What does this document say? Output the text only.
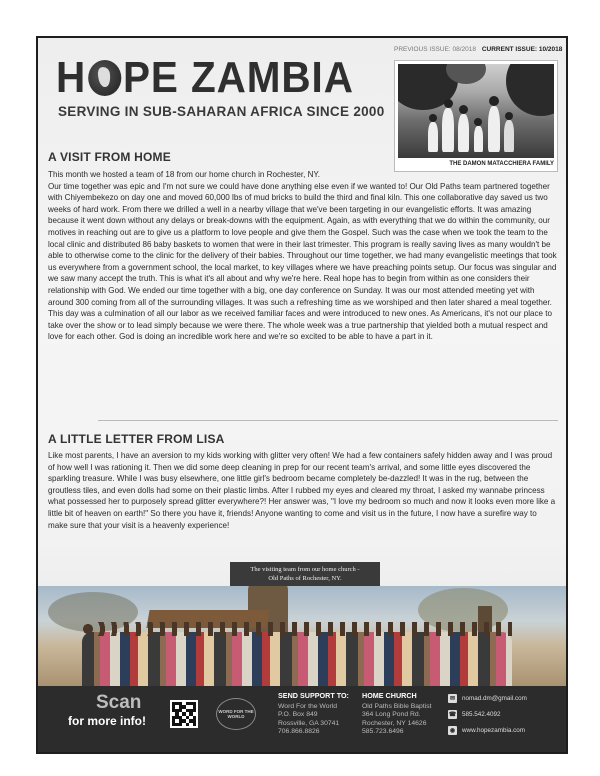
H PE ZAMBIA
SERVING IN SUB-SAHARAN AFRICA SINCE 2000
PREVIOUS ISSUE: 08/2018 CURRENT ISSUE: 10/2018
THE DAMON MATACCHIERA FAMILY
A VISIT FROM HOME

This month we hosted a team of 18 from our home church in Rochester, NY.

Our time together was epic and I'm not sure we could have done anything else even if we wanted to! Our Old Paths team partnered together with Chiyembekezo on day one and moved 60,000 lbs of mud bricks to build the third and final kiln. This one collaborative day saved us two weeks of hard work. From there we drilled a well in a nearby village that we've been targeting in our evangelistic efforts. It was amazing because it went down without any delays or break-downs with the equipment. Again, as with everything that we do within the community, our motives in reaching out are to give us a platform to love people and give them the Gospel. Such was the case when we took the team to the local clinic and distributed 86 baby baskets to women that were in their last trimester. This program is really saving lives as many wouldn't be able to otherwise come to the clinic for the delivery of their babies. Throughout our time together, we had many evangelistic meetings that took us everywhere from a government school, the local market, to key villages where we have preaching points setup. Our focus was singular and we saw many accept the truth. This is what it's all about and why we're here. Real hope has to begin from within as one considers their relationship with God. We ended our time together with a big, one day conference on Sunday. It was our most attended meeting yet with around 300 coming from all of the surrounding villages. It was such a refreshing time as we worshiped and then later shared a meal together. This day was a culmination of all our labor as we received familiar faces and were introduced to new ones. As Americans, it's not our place to take over the show or to lead simply because we were there. The whole week was a true partnership that yielded both a mutual respect and love for each other. God is doing an incredible work here and we're so excited to be able to have a part in it.

A LITTLE LETTER FROM LISA

Like most parents, I have an aversion to my kids working with glitter very often! We had a few containers safely hidden away and I was proud of how well I was rationing it. Then we did some deep cleaning in prep for our recent team's arrival, and some little eyes discovered the sparkling treasure. While I was busy elsewhere, one little girl's bedroom became completely be-dazzled! It was in the rug, between the groutless tiles, and even dolls had some on their plastic limbs. After I rubbed my eyes and cleared my throat, I asked my wannabe princess what possessed her to purposely spread glitter everywhere?! Her answer was, "I love my bedroom so much and now it looks even more like a little bit of heaven on earth!" So there you have it, friends! Anyone wanting to come and visit us in the future, I now have a surefire way to make sure that your visit is a heavenly experience!

The visiting team from our home church -
Old Paths of Rochester, NY.
Scan
for more info!
WORD FOR THE WORLD
SEND SUPPORT TO:
Word For the World
P.O. Box 849
Rossville, GA 30741
706.866.8826
HOME CHURCH
Old Paths Bible Baptist
364 Long Pond Rd.
Rochester, NY 14626
585.723.6496
✉	nomad.dm@gmail.com
☎ 585.542.4092
◉ www.hopezambia.com
